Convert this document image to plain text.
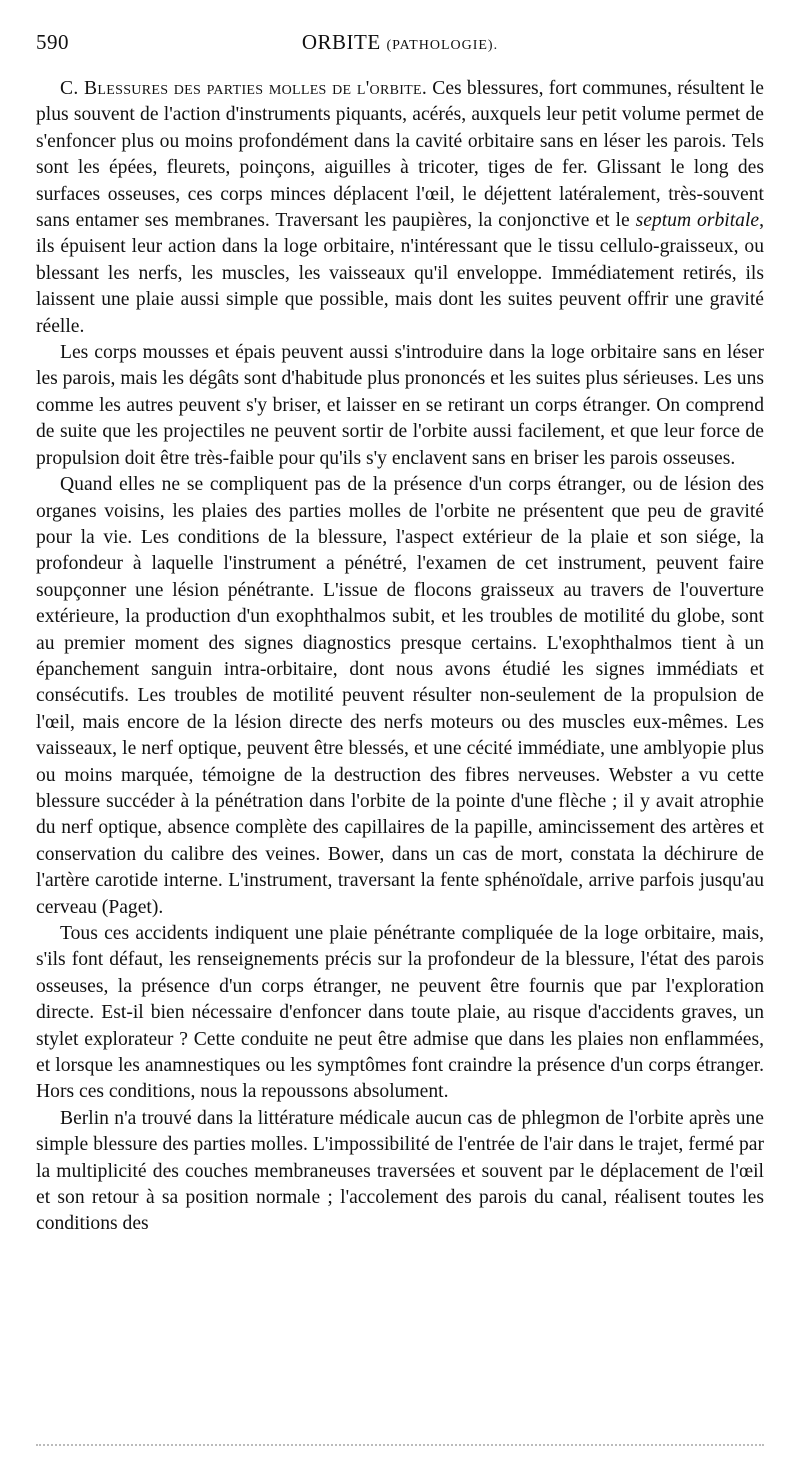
590	ORBITE (PATHOLOGIE).

C. Blessures des parties molles de l'orbite. Ces blessures, fort communes, résultent le plus souvent de l'action d'instruments piquants, acérés, auxquels leur petit volume permet de s'enfoncer plus ou moins profondément dans la cavité orbitaire sans en léser les parois. Tels sont les épées, fleurets, poinçons, aiguilles à tricoter, tiges de fer. Glissant le long des surfaces osseuses, ces corps minces déplacent l'œil, le déjettent latéralement, très-souvent sans entamer ses membranes. Traversant les paupières, la conjonctive et le septum orbitale, ils épuisent leur action dans la loge orbitaire, n'intéressant que le tissu cellulo-graisseux, ou blessant les nerfs, les muscles, les vaisseaux qu'il enveloppe. Immédiatement retirés, ils laissent une plaie aussi simple que possible, mais dont les suites peuvent offrir une gravité réelle.

Les corps mousses et épais peuvent aussi s'introduire dans la loge orbitaire sans en léser les parois, mais les dégâts sont d'habitude plus prononcés et les suites plus sérieuses. Les uns comme les autres peuvent s'y briser, et laisser en se retirant un corps étranger. On comprend de suite que les projectiles ne peuvent sortir de l'orbite aussi facilement, et que leur force de propulsion doit être très-faible pour qu'ils s'y enclavent sans en briser les parois osseuses.

Quand elles ne se compliquent pas de la présence d'un corps étranger, ou de lésion des organes voisins, les plaies des parties molles de l'orbite ne présentent que peu de gravité pour la vie. Les conditions de la blessure, l'aspect extérieur de la plaie et son siége, la profondeur à laquelle l'instrument a pénétré, l'examen de cet instrument, peuvent faire soupçonner une lésion pénétrante. L'issue de flocons graisseux au travers de l'ouverture extérieure, la production d'un exophthalmos subit, et les troubles de motilité du globe, sont au premier moment des signes diagnostics presque certains. L'exophthalmos tient à un épanchement sanguin intra-orbitaire, dont nous avons étudié les signes immédiats et consécutifs. Les troubles de motilité peuvent résulter non-seulement de la propulsion de l'œil, mais encore de la lésion directe des nerfs moteurs ou des muscles eux-mêmes. Les vaisseaux, le nerf optique, peuvent être blessés, et une cécité immédiate, une amblyopie plus ou moins marquée, témoigne de la destruction des fibres nerveuses. Webster a vu cette blessure succéder à la pénétration dans l'orbite de la pointe d'une flèche ; il y avait atrophie du nerf optique, absence complète des capillaires de la papille, amincissement des artères et conservation du calibre des veines. Bower, dans un cas de mort, constata la déchirure de l'artère carotide interne. L'instrument, traversant la fente sphénoïdale, arrive parfois jusqu'au cerveau (Paget).

Tous ces accidents indiquent une plaie pénétrante compliquée de la loge orbitaire, mais, s'ils font défaut, les renseignements précis sur la profondeur de la blessure, l'état des parois osseuses, la présence d'un corps étranger, ne peuvent être fournis que par l'exploration directe. Est-il bien nécessaire d'enfoncer dans toute plaie, au risque d'accidents graves, un stylet explorateur ? Cette conduite ne peut être admise que dans les plaies non enflammées, et lorsque les anamnestiques ou les symptômes font craindre la présence d'un corps étranger. Hors ces conditions, nous la repoussons absolument.

Berlin n'a trouvé dans la littérature médicale aucun cas de phlegmon de l'orbite après une simple blessure des parties molles. L'impossibilité de l'entrée de l'air dans le trajet, fermé par la multiplicité des couches membraneuses traversées et souvent par le déplacement de l'œil et son retour à sa position normale ; l'accolement des parois du canal, réalisent toutes les conditions des
